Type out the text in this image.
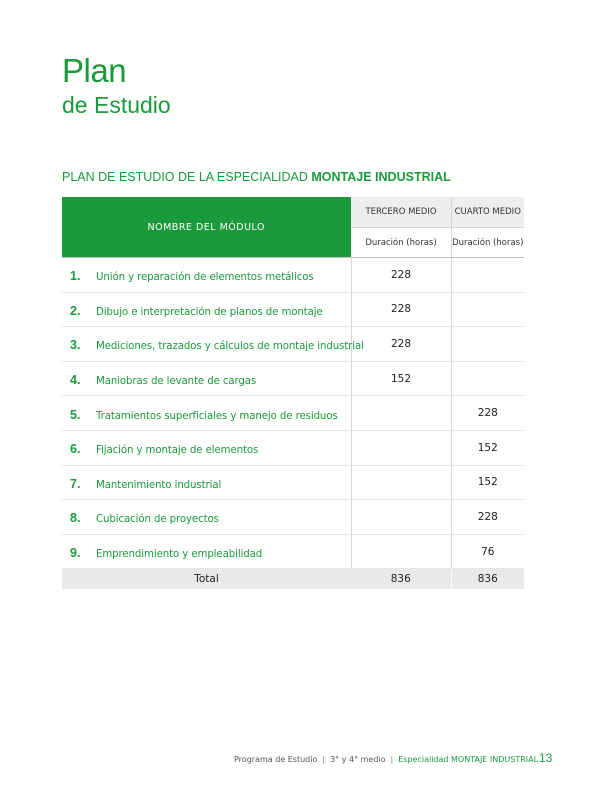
Plan
de Estudio
PLAN DE ESTUDIO DE LA ESPECIALIDAD MONTAJE INDUSTRIAL
NOMBRE DEL MÓDULO	TERCERO MEDIO	CUARTO MEDIO
	Duración (horas)	Duración (horas)

1. Unión y reparación de elementos metálicos	228	
2. Dibujo e interpretación de planos de montaje	228	
3. Mediciones, trazados y cálculos de montaje industrial	228	
4. Maniobras de levante de cargas	152	
5. Tratamientos superficiales y manejo de residuos		228
6. Fijación y montaje de elementos		152
7. Mantenimiento industrial		152
8. Cubicación de proyectos		228
9. Emprendimiento y empleabilidad		76
Total	836	836
Programa de Estudio | 3° y 4° medio | Especialidad MONTAJE INDUSTRIAL 13
